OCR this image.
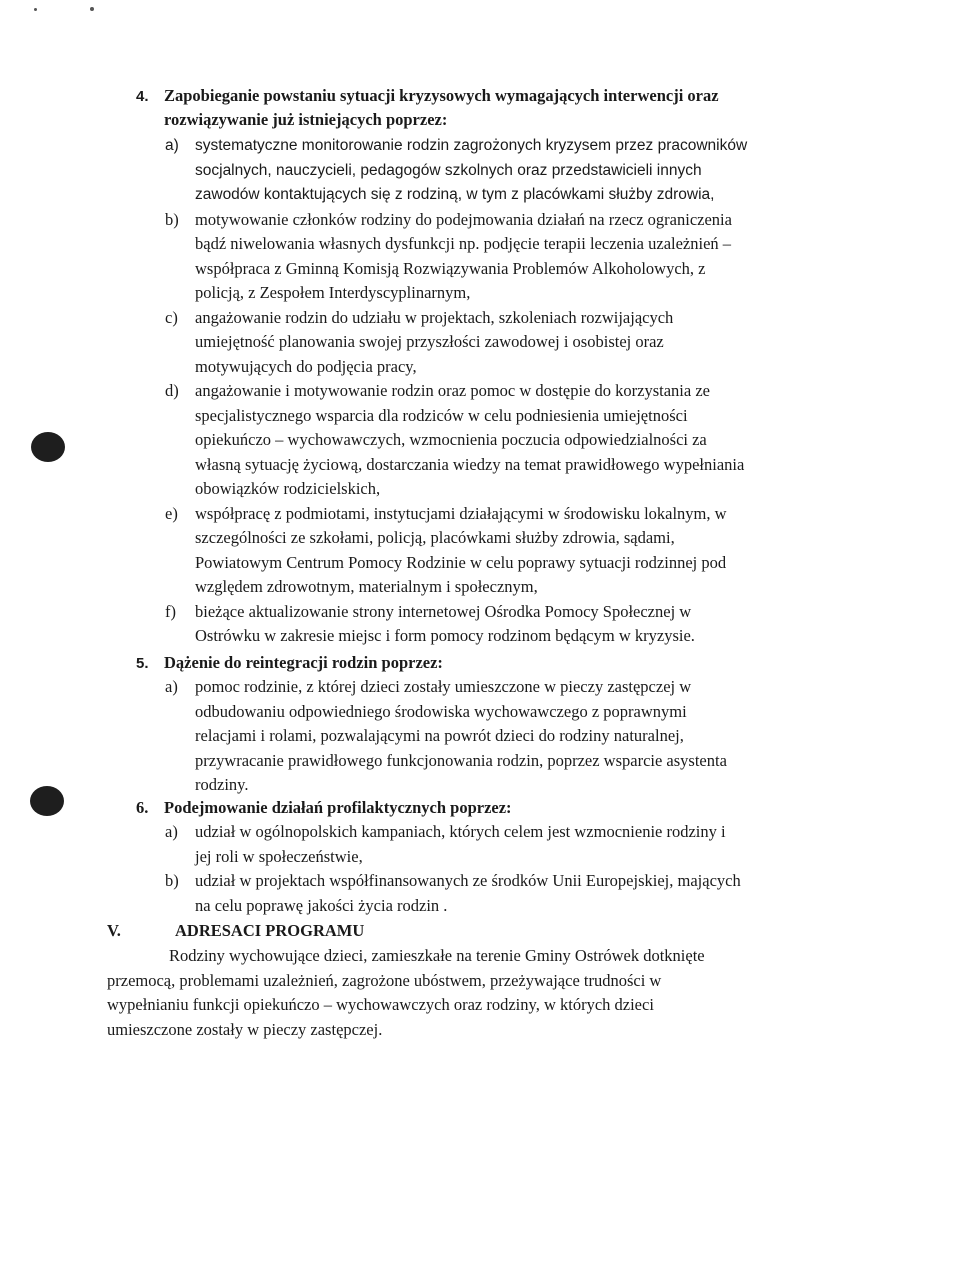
4. Zapobieganie powstaniu sytuacji kryzysowych wymagających interwencji oraz
rozwiązywanie już istniejących poprzez:
a)	systematyczne monitorowanie rodzin zagrożonych kryzysem przez pracowników
socjalnych, nauczycieli, pedagogów szkolnych oraz przedstawicieli innych
zawodów kontaktujących się z rodziną, w tym z placówkami służby zdrowia,
b) motywowanie członków rodziny do podejmowania działań na rzecz ograniczenia
bądź niwelowania własnych dysfunkcji np. podjęcie terapii leczenia uzależnień –
współpraca z Gminną Komisją Rozwiązywania Problemów Alkoholowych, z
policją, z Zespołem Interdyscyplinarnym,
c)	angażowanie rodzin do udziału w projektach, szkoleniach rozwijających
umiejętność planowania swojej przyszłości zawodowej i osobistej oraz
motywujących do podjęcia pracy,
d) angażowanie i motywowanie rodzin oraz pomoc w dostępie do korzystania ze
specjalistycznego wsparcia dla rodziców w celu podniesienia umiejętności
opiekuńczo – wychowawczych, wzmocnienia poczucia odpowiedzialności za
własną sytuację życiową, dostarczania wiedzy na temat prawidłowego wypełniania
obowiązków rodzicielskich,
e)	współpracę z podmiotami, instytucjami działającymi w środowisku lokalnym, w
szczególności ze szkołami, policją, placówkami służby zdrowia, sądami,
Powiatowym Centrum Pomocy Rodzinie w celu poprawy sytuacji rodzinnej pod
względem zdrowotnym, materialnym i społecznym,
f)	bieżące aktualizowanie strony internetowej Ośrodka Pomocy Społecznej w
Ostrówku w zakresie miejsc i form pomocy rodzinom będącym w kryzysie.
5. Dążenie do reintegracji rodzin poprzez:
a)	pomoc rodzinie, z której dzieci zostały umieszczone w pieczy zastępczej w
odbudowaniu odpowiedniego środowiska wychowawczego z poprawnymi
relacjami i rolami, pozwalającymi na powrót dzieci do rodziny naturalnej,
przywracanie prawidłowego funkcjonowania rodzin, poprzez wsparcie asystenta
rodziny.
6. Podejmowanie działań profilaktycznych poprzez:
a)	udział w ogólnopolskich kampaniach, których celem jest wzmocnienie rodziny i
jej roli w społeczeństwie,
b) udział w projektach współfinansowanych ze środków Unii Europejskiej, mających
na celu poprawę jakości życia rodzin .
V.	ADRESACI PROGRAMU
Rodziny wychowujące dzieci, zamieszkałe na terenie Gminy Ostrówek dotknięte
przemocą, problemami uzależnień, zagrożone ubóstwem, przeżywające trudności w
wypełnianiu funkcji opiekuńczo – wychowawczych oraz rodziny, w których dzieci
umieszczone zostały w pieczy zastępczej.
